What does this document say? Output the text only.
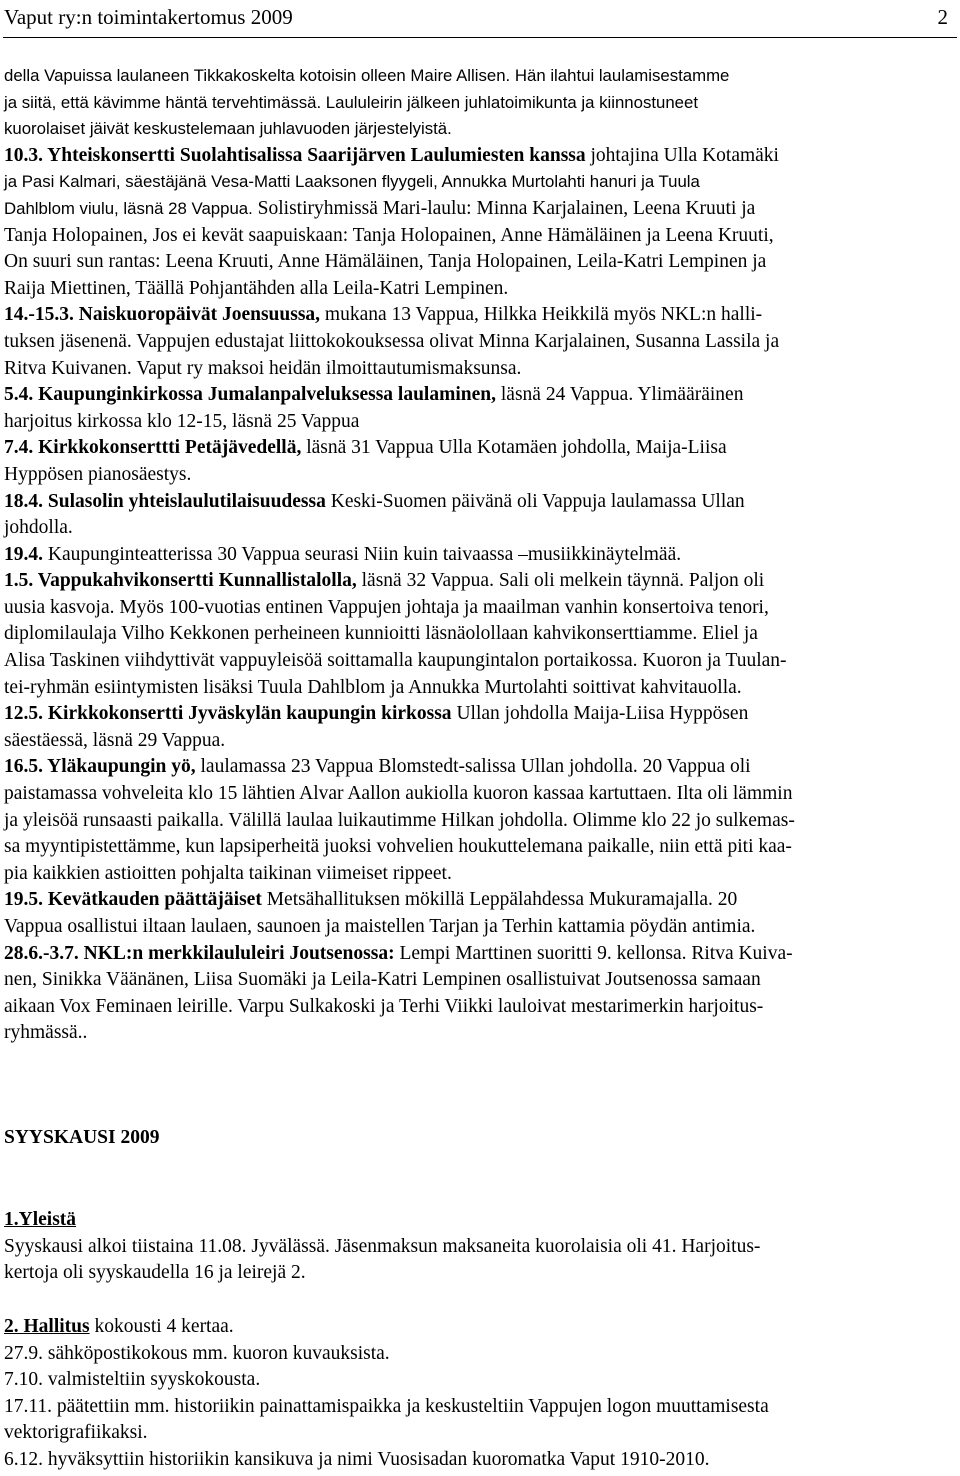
Vaput ry:n toimintakertomus 2009	2
della Vapuissa laulaneen Tikkakoskelta kotoisin olleen Maire Allisen. Hän ilahtui laulamisestamme
ja siitä, että kävimme häntä tervehtimässä. Laululeirin jälkeen juhlatoimikunta ja kiinnostuneet
kuorolaiset jäivät keskustelemaan juhlavuoden järjestelyistä.
10.3. Yhteiskonsertti Suolahtisalissa Saarijärven Laulumiesten kanssa johtajina Ulla Kotamäki
ja Pasi Kalmari, säestäjänä Vesa-Matti Laaksonen flyygeli, Annukka Murtolahti hanuri ja Tuula
Dahlblom viulu, läsnä 28 Vappua. Solistiryhmissä Mari-laulu: Minna Karjalainen, Leena Kruuti ja
Tanja Holopainen, Jos ei kevät saapuiskaan: Tanja Holopainen, Anne Hämäläinen ja Leena Kruuti,
On suuri sun rantas: Leena Kruuti, Anne Hämäläinen, Tanja Holopainen, Leila-Katri Lempinen ja
Raija Miettinen, Täällä Pohjantähden alla Leila-Katri Lempinen.
14.-15.3. Naiskuoropäivät Joensuussa, mukana 13 Vappua, Hilkka Heikkilä myös NKL:n halli-
tuksen jäsenenä. Vappujen edustajat liittokokouksessa olivat Minna Karjalainen, Susanna Lassila ja
Ritva Kuivanen. Vaput ry maksoi heidän ilmoittautumismaksunsa.
5.4. Kaupunginkirkossa Jumalanpalveluksessa laulaminen, läsnä 24 Vappua. Ylimääräinen
harjoitus kirkossa klo 12-15, läsnä 25 Vappua
7.4. Kirkkokonserttti Petäjävedellä, läsnä 31 Vappua Ulla Kotamäen johdolla, Maija-Liisa
Hyppösen pianosäestys.
18.4. Sulasolin yhteislaulutilaisuudessa Keski-Suomen päivänä oli Vappuja laulamassa Ullan
johdolla.
19.4. Kaupunginteatterissa 30 Vappua seurasi Niin kuin taivaassa –musiikkinäytelmää.
1.5. Vappukahvikonsertti Kunnallistalolla, läsnä 32 Vappua. Sali oli melkein täynnä. Paljon oli
uusia kasvoja. Myös 100-vuotias entinen Vappujen johtaja ja maailman vanhin konsertoiva tenori,
diplomilaulaja Vilho Kekkonen perheineen kunnioitti läsnäolollaan kahvikonserttiamme. Eliel ja
Alisa Taskinen viihdyttivät vappuyleisöä soittamalla kaupungintalon portaikossa. Kuoron ja Tuulan-
tei-ryhmän esiintymisten lisäksi Tuula Dahlblom ja Annukka Murtolahti soittivat kahvitauolla.
12.5. Kirkkokonsertti Jyväskylän kaupungin kirkossa Ullan johdolla Maija-Liisa Hyppösen
säestäessä, läsnä 29 Vappua.
16.5. Yläkaupungin yö, laulamassa 23 Vappua Blomstedt-salissa Ullan johdolla. 20 Vappua oli
paistamassa vohveleita klo 15 lähtien Alvar Aallon aukiolla kuoron kassaa kartuttaen. Ilta oli lämmin
ja yleisöä runsaasti paikalla. Välillä laulaa luikautimme Hilkan johdolla. Olimme klo 22 jo sulkemas-
sa myyntipistettämme, kun lapsiperheitä juoksi vohvelien houkuttelemana paikalle, niin että piti kaa-
pia kaikkien astioitten pohjalta taikinan viimeiset rippeet.
19.5. Kevätkauden päättäjäiset Metsähallituksen mökillä Leppälahdessa Mukuramajalla. 20
Vappua osallistui iltaan laulaen, saunoen ja maistellen Tarjan ja Terhin kattamia pöydän antimia.
28.6.-3.7. NKL:n merkkilaululeiri Joutsenossa: Lempi Marttinen suoritti 9. kellonsa. Ritva Kuiva-
nen, Sinikka Väänänen, Liisa Suomäki ja Leila-Katri Lempinen osallistuivat Joutsenossa samaan
aikaan Vox Feminaen leirille. Varpu Sulkakoski ja Terhi Viikki lauloivat mestarimerkin harjoitus-
ryhmässä..
SYYSKAUSI 2009
1.Yleistä
Syyskausi alkoi tiistaina 11.08. Jyvälässä. Jäsenmaksun maksaneita kuorolaisia oli 41. Harjoitus-
kertoja oli syyskaudella 16 ja leirejä 2.
2. Hallitus kokousti 4 kertaa.
27.9. sähköpostikokous mm. kuoron kuvauksista.
7.10. valmisteltiin syyskokousta.
17.11. päätettiin mm. historiikin painattamispaikka ja keskusteltiin Vappujen logon muuttamisesta
vektorigrafiikaksi.
6.12. hyväksyttiin historiikin kansikuva ja nimi Vuosisadan kuoromatka Vaput 1910-2010.
